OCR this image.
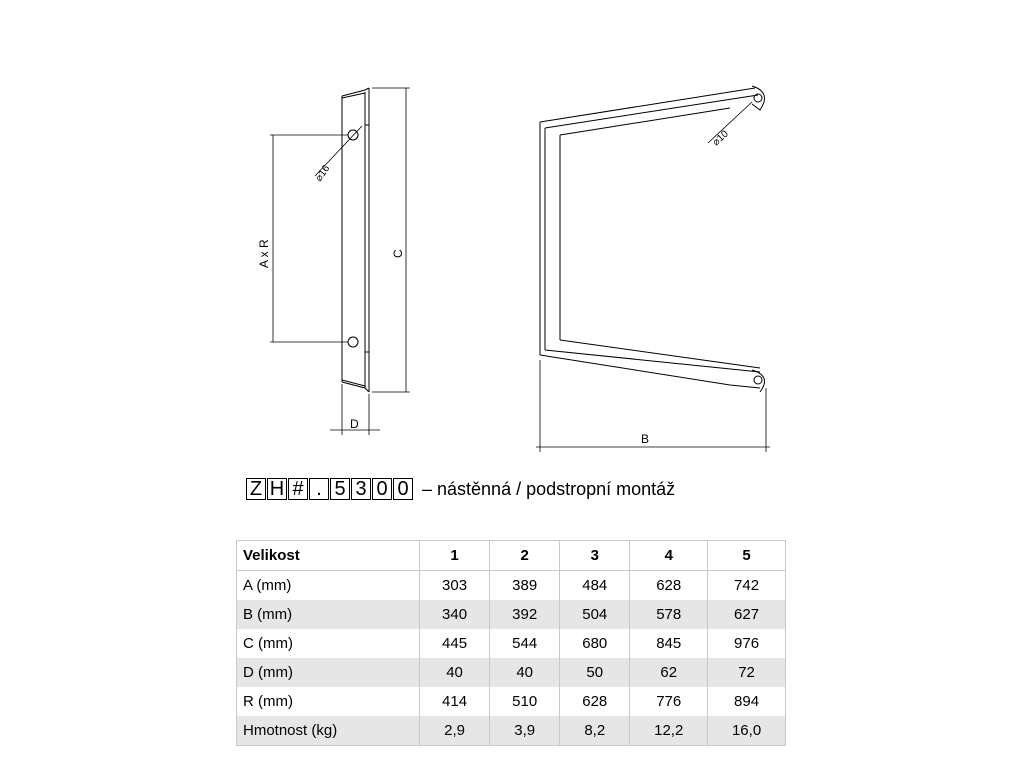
⌀16
A x R	C
D
⌀10
B
Z H # . 5 3 0 0 – nástěnná / podstropní montáž
Velikost	1	2	3	4	5
A (mm)	303	389	484	628	742
B (mm)	340	392	504	578	627
C (mm)	445	544	680	845	976
D (mm)	40	40	50	62	72
R (mm)	414	510	628	776	894
Hmotnost (kg)	2,9	3,9	8,2	12,2	16,0
